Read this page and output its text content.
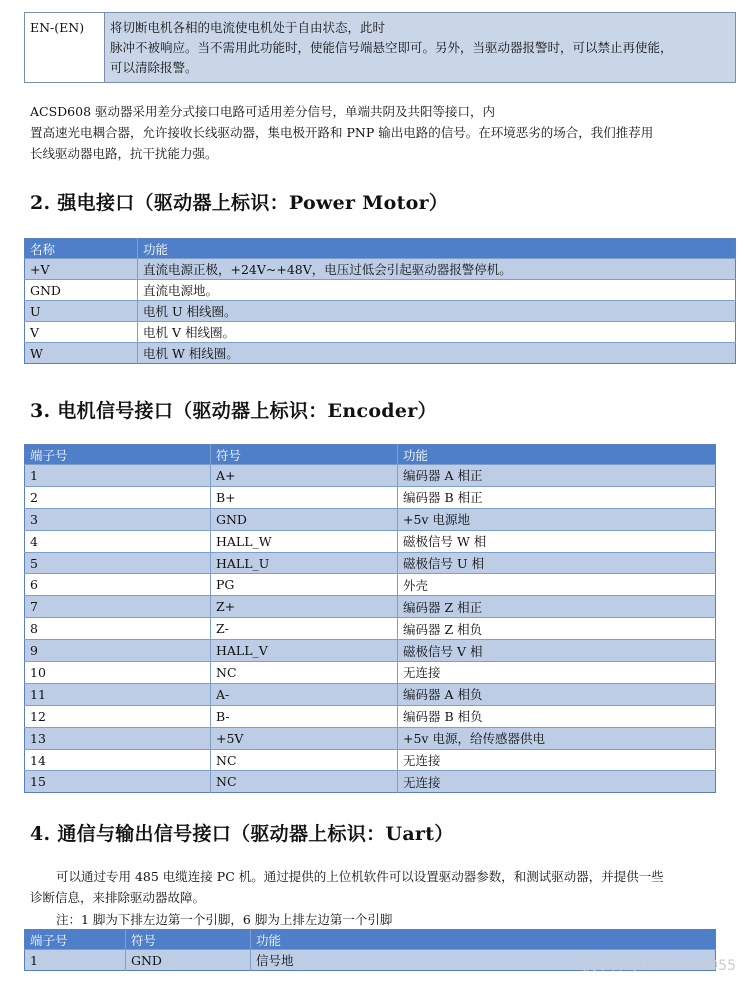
EN-(EN)	将切断电机各相的电流使电机处于自由状态，此时
脉冲不被响应。当不需用此功能时，使能信号端悬空即可。另外，当驱动器报警时，可以禁止再使能，
可以清除报警。
ACSD608 驱动器采用差分式接口电路可适用差分信号，单端共阴及共阳等接口，内
置高速光电耦合器，允许接收长线驱动器，集电极开路和 PNP 输出电路的信号。在环境恶劣的场合，我们推荐用
长线驱动器电路，抗干扰能力强。
2. 强电接口（驱动器上标识：Power Motor）
名称	功能
+V	直流电源正极，+24V~+48V，电压过低会引起驱动器报警停机。
GND	直流电源地。
U	电机 U 相线圈。
V	电机 V 相线圈。
W	电机 W 相线圈。
3. 电机信号接口（驱动器上标识：Encoder）
端子号	符号	功能
1	A+	编码器 A 相正
2	B+	编码器 B 相正
3	GND	+5v 电源地
4	HALL_W	磁极信号 W 相
5	HALL_U	磁极信号 U 相
6	PG	外壳
7	Z+	编码器 Z 相正
8	Z-	编码器 Z 相负
9	HALL_V	磁极信号 V 相
10	NC	无连接
11	A-	编码器 A 相负
12	B-	编码器 B 相负
13	+5V	+5v 电源，给传感器供电
14	NC	无连接
15	NC	无连接
4. 通信与输出信号接口（驱动器上标识：Uart）
可以通过专用 485 电缆连接 PC 机。通过提供的上位机软件可以设置驱动器参数，和测试驱动器，并提供一些
诊断信息，来排除驱动器故障。
注：1 脚为下排左边第一个引脚，6 脚为上排左边第一个引脚
端子号	符号	功能
1	GND	信号地	技术咨询13717608955
